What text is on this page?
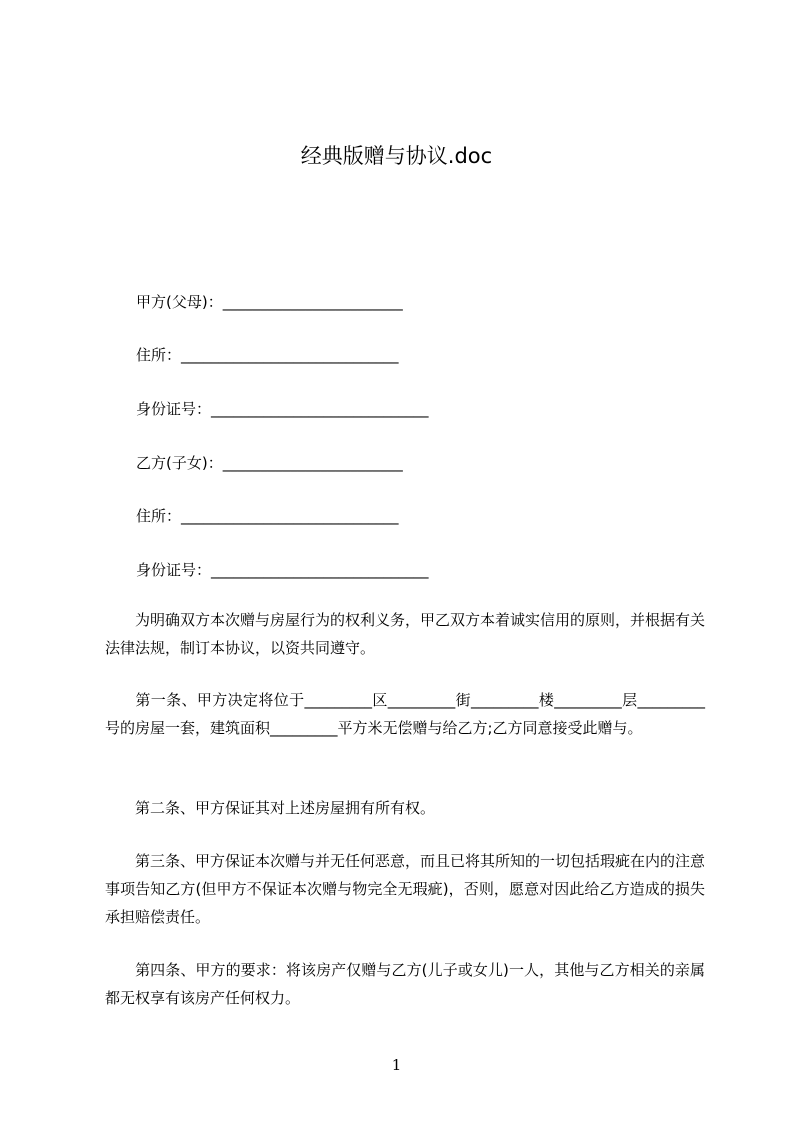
经典版赠与协议.doc
甲方(父母)：________________________
住所：_____________________________
身份证号：_____________________________
乙方(子女)：________________________
住所：_____________________________
身份证号：_____________________________

为明确双方本次赠与房屋行为的权利义务，甲乙双方本着诚实信用的原则，并根据有关法律法规，制订本协议，以资共同遵守。

第一条、甲方决定将位于_________区_________街_________楼_________层_________号的房屋一套，建筑面积_________平方米无偿赠与给乙方;乙方同意接受此赠与。

第二条、甲方保证其对上述房屋拥有所有权。

第三条、甲方保证本次赠与并无任何恶意，而且已将其所知的一切包括瑕疵在内的注意事项告知乙方(但甲方不保证本次赠与物完全无瑕疵)，否则，愿意对因此给乙方造成的损失承担赔偿责任。

第四条、甲方的要求：将该房产仅赠与乙方(儿子或女儿)一人，其他与乙方相关的亲属都无权享有该房产任何权力。

1
